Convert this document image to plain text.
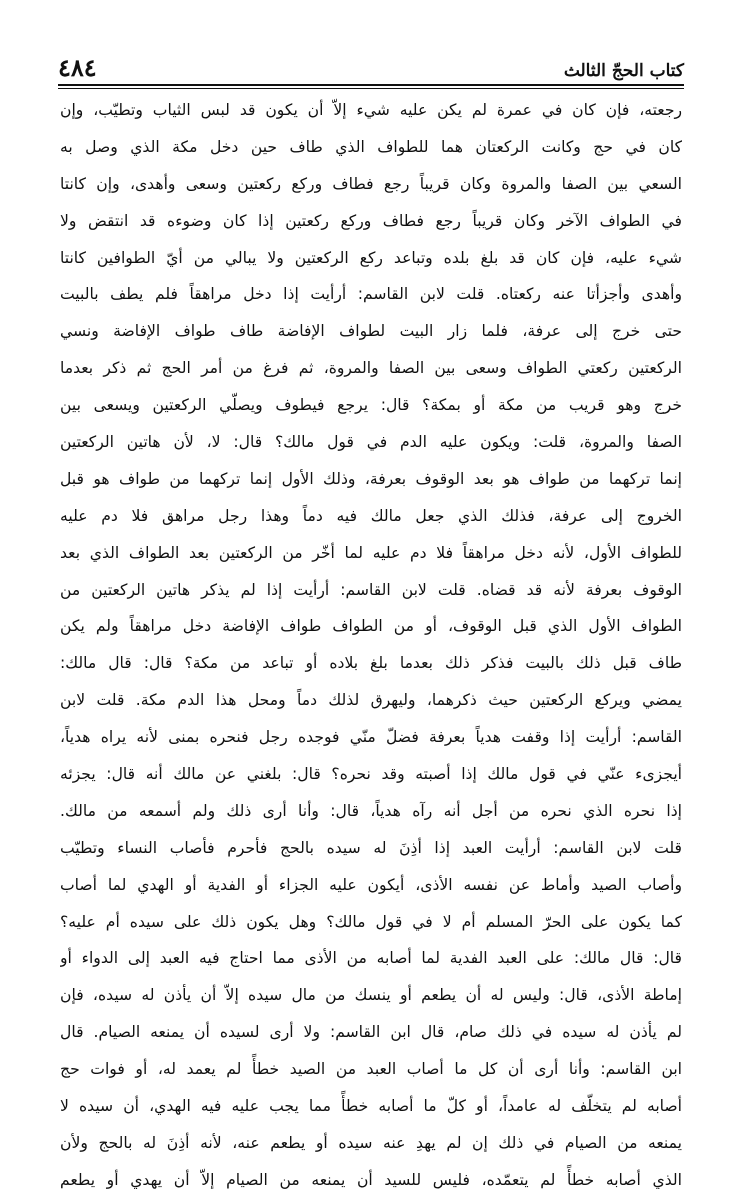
٤٨٤	كتاب الحجّ الثالث
رجعته، فإن كان في عمرة لم يكن عليه شيء إلاّ أن يكون قد لبس الثياب وتطيّب، وإن
كان في حج وكانت الركعتان هما للطواف الذي طاف حين دخل مكة الذي وصل به
السعي بين الصفا والمروة وكان قريباً رجع فطاف وركع ركعتين وسعى وأهدى، وإن كانتا
في الطواف الآخر وكان قريباً رجع فطاف وركع ركعتين إذا كان وضوءه قد انتقض ولا
شيء عليه، فإن كان قد بلغ بلده وتباعد ركع الركعتين ولا يبالي من أيّ الطوافين كانتا
وأهدى وأجزأتا عنه ركعتاه. قلت لابن القاسم: أرأيت إذا دخل مراهقاً فلم يطف بالبيت
حتى خرج إلى عرفة، فلما زار البيت لطواف الإفاضة طاف طواف الإفاضة ونسي
الركعتين ركعتي الطواف وسعى بين الصفا والمروة، ثم فرغ من أمر الحج ثم ذكر بعدما
خرج وهو قريب من مكة أو بمكة؟ قال: يرجع فيطوف ويصلّي الركعتين ويسعى بين
الصفا والمروة، قلت: ويكون عليه الدم في قول مالك؟ قال: لا، لأن هاتين الركعتين
إنما تركهما من طواف هو بعد الوقوف بعرفة، وذلك الأول إنما تركهما من طواف هو قبل
الخروج إلى عرفة، فذلك الذي جعل مالك فيه دماً وهذا رجل مراهق فلا دم عليه
للطواف الأول، لأنه دخل مراهقاً فلا دم عليه لما أخّر من الركعتين بعد الطواف الذي بعد
الوقوف بعرفة لأنه قد قضاه. قلت لابن القاسم: أرأيت إذا لم يذكر هاتين الركعتين من
الطواف الأول الذي قبل الوقوف، أو من الطواف طواف الإفاضة دخل مراهقاً ولم يكن
طاف قبل ذلك بالبيت فذكر ذلك بعدما بلغ بلاده أو تباعد من مكة؟ قال: قال مالك:
يمضي ويركع الركعتين حيث ذكرهما، وليهرق لذلك دماً ومحل هذا الدم مكة. قلت لابن
القاسم: أرأيت إذا وقفت هدياً بعرفة فضلّ منّي فوجده رجل فنحره بمنى لأنه يراه هدياً،
أيجزىء عنّي في قول مالك إذا أصبته وقد نحره؟ قال: بلغني عن مالك أنه قال: يجزئه
إذا نحره الذي نحره من أجل أنه رآه هدياً، قال: وأنا أرى ذلك ولم أسمعه من مالك.
قلت لابن القاسم: أرأيت العبد إذا أذِنَ له سيده بالحج فأحرم فأصاب النساء وتطيّب
وأصاب الصيد وأماط عن نفسه الأذى، أيكون عليه الجزاء أو الفدية أو الهدي لما أصاب
كما يكون على الحرّ المسلم أم لا في قول مالك؟ وهل يكون ذلك على سيده أم عليه؟
قال: قال مالك: على العبد الفدية لما أصابه من الأذى مما احتاج فيه العبد إلى الدواء أو
إماطة الأذى، قال: وليس له أن يطعم أو ينسك من مال سيده إلاّ أن يأذن له سيده، فإن
لم يأذن له سيده في ذلك صام، قال ابن القاسم: ولا أرى لسيده أن يمنعه الصيام. قال
ابن القاسم: وأنا أرى أن كل ما أصاب العبد من الصيد خطأً لم يعمد له، أو فوات حج
أصابه لم يتخلّف له عامداً، أو كلّ ما أصابه خطأً مما يجب عليه فيه الهدي، أن سيده لا
يمنعه من الصيام في ذلك إن لم يهدِ عنه سيده أو يطعم عنه، لأنه أذِنَ له بالحج ولأن
الذي أصابه خطأً لم يتعمّده، فليس للسيد أن يمنعه من الصيام إلاّ أن يهدي أو يطعم
